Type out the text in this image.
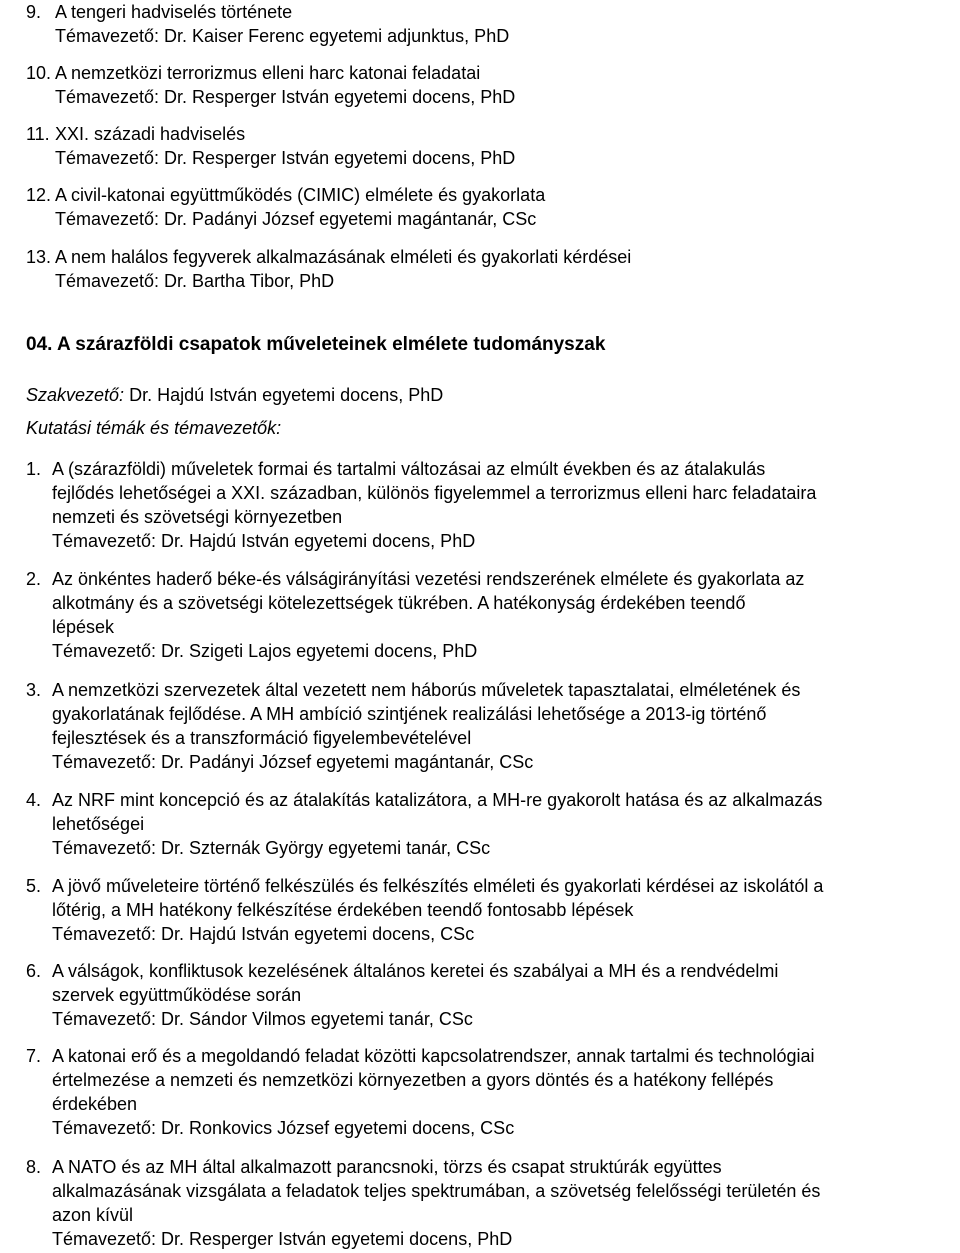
9. A tengeri hadviselés története
Témavezető: Dr. Kaiser Ferenc egyetemi adjunktus, PhD
10. A nemzetközi terrorizmus elleni harc katonai feladatai
Témavezető: Dr. Resperger István egyetemi docens, PhD
11. XXI. századi hadviselés
Témavezető: Dr. Resperger István egyetemi docens, PhD
12. A civil-katonai együttműködés (CIMIC) elmélete és gyakorlata
Témavezető: Dr. Padányi József egyetemi magántanár, CSc
13. A nem halálos fegyverek alkalmazásának elméleti és gyakorlati kérdései
Témavezető: Dr. Bartha Tibor, PhD
04. A szárazföldi csapatok műveleteinek elmélete tudományszak
Szakvezető: Dr. Hajdú István egyetemi docens, PhD
Kutatási témák és témavezetők:
1. A (szárazföldi) műveletek formai és tartalmi változásai az elmúlt években és az átalakulás
fejlődés lehetőségei a XXI. században, különös figyelemmel a terrorizmus elleni harc feladataira
nemzeti és szövetségi környezetben
Témavezető: Dr. Hajdú István egyetemi docens, PhD
2. Az önkéntes haderő béke-és válságirányítási vezetési rendszerének elmélete és gyakorlata az
alkotmány és a szövetségi kötelezettségek tükrében. A hatékonyság érdekében teendő
lépések
Témavezető: Dr. Szigeti Lajos egyetemi docens, PhD
3. A nemzetközi szervezetek által vezetett nem háborús műveletek tapasztalatai, elméletének és
gyakorlatának fejlődése. A MH ambíció szintjének realizálási lehetősége a 2013-ig történő
fejlesztések és a transzformáció figyelembevételével
Témavezető: Dr. Padányi József egyetemi magántanár, CSc
4. Az NRF mint koncepció és az átalakítás katalizátora, a MH-re gyakorolt hatása és az alkalmazás
lehetőségei
Témavezető: Dr. Szternák György egyetemi tanár, CSc
5. A jövő műveleteire történő felkészülés és felkészítés elméleti és gyakorlati kérdései az iskolától a
lőtérig, a MH hatékony felkészítése érdekében teendő fontosabb lépések
Témavezető: Dr. Hajdú István egyetemi docens, CSc
6. A válságok, konfliktusok kezelésének általános keretei és szabályai a MH és a rendvédelmi
szervek együttműködése során
Témavezető: Dr. Sándor Vilmos egyetemi tanár, CSc
7. A katonai erő és a megoldandó feladat közötti kapcsolatrendszer, annak tartalmi és technológiai
értelmezése a nemzeti és nemzetközi környezetben a gyors döntés és a hatékony fellépés
érdekében
Témavezető: Dr. Ronkovics József egyetemi docens, CSc
8. A NATO és az MH által alkalmazott parancsnoki, törzs és csapat struktúrák együttes
alkalmazásának vizsgálata a feladatok teljes spektrumában, a szövetség felelősségi területén és
azon kívül
Témavezető: Dr. Resperger István egyetemi docens, PhD
